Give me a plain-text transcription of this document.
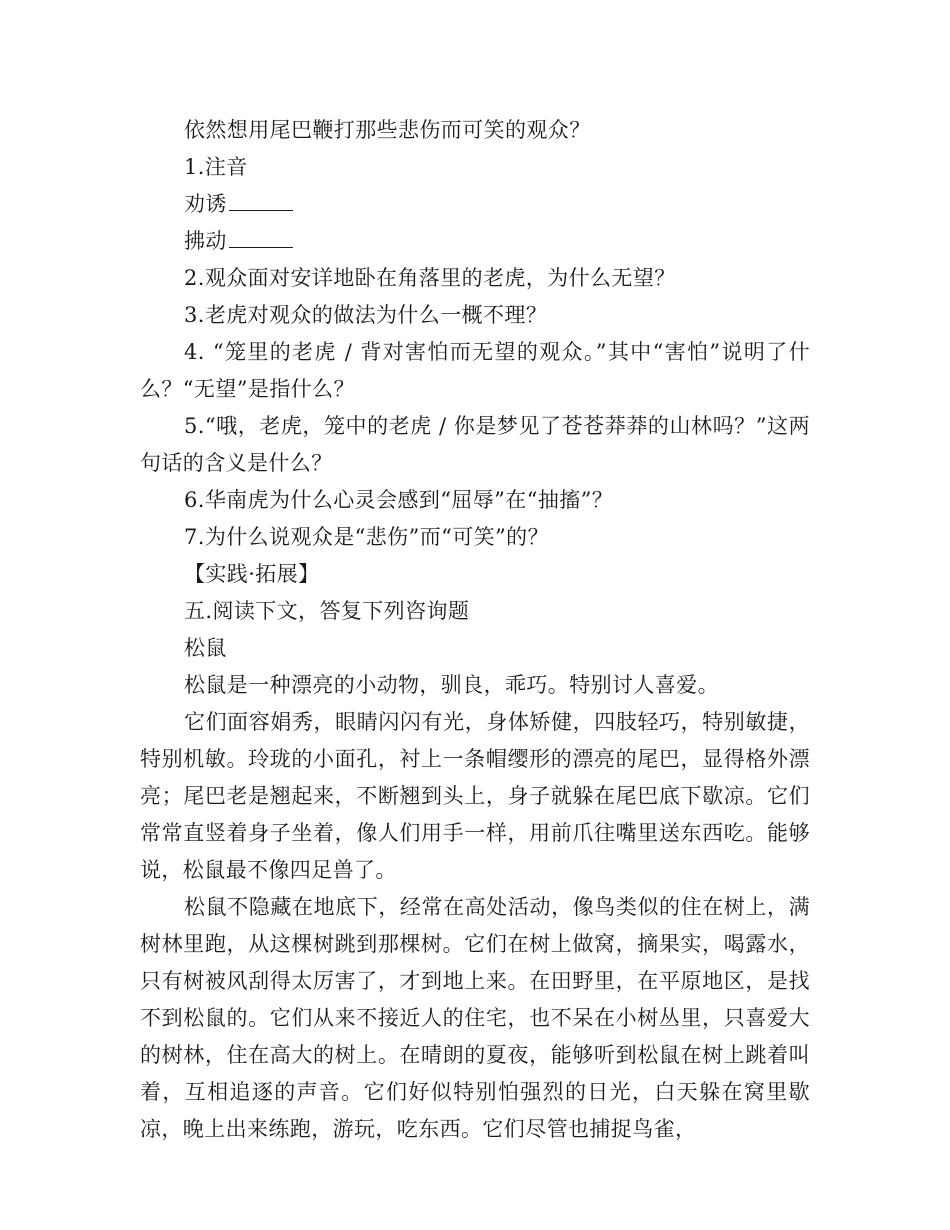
依然想用尾巴鞭打那些悲伤而可笑的观众？
1.注音
劝诱
拂动
2.观众面对安详地卧在角落里的老虎，为什么无望？
3.老虎对观众的做法为什么一概不理？
4. “笼里的老虎 / 背对害怕而无望的观众。”其中“害怕”说明了什么？“无望”是指什么？
5.“哦，老虎，笼中的老虎 / 你是梦见了苍苍莽莽的山林吗？”这两句话的含义是什么？
6.华南虎为什么心灵会感到“屈辱”在“抽搐”？
7.为什么说观众是“悲伤”而“可笑”的？
【实践·拓展】
五.阅读下文，答复下列咨询题
松鼠
松鼠是一种漂亮的小动物，驯良，乖巧。特别讨人喜爱。
它们面容娟秀，眼睛闪闪有光，身体矫健，四肢轻巧，特别敏捷，特别机敏。玲珑的小面孔，衬上一条帽缨形的漂亮的尾巴，显得格外漂亮；尾巴老是翘起来，不断翘到头上，身子就躲在尾巴底下歇凉。它们常常直竖着身子坐着，像人们用手一样，用前爪往嘴里送东西吃。能够说，松鼠最不像四足兽了。
松鼠不隐藏在地底下，经常在高处活动，像鸟类似的住在树上，满树林里跑，从这棵树跳到那棵树。它们在树上做窝，摘果实，喝露水，只有树被风刮得太厉害了，才到地上来。在田野里，在平原地区，是找不到松鼠的。它们从来不接近人的住宅，也不呆在小树丛里，只喜爱大的树林，住在高大的树上。在晴朗的夏夜，能够听到松鼠在树上跳着叫着，互相追逐的声音。它们好似特别怕强烈的日光，白天躲在窝里歇凉，晚上出来练跑，游玩，吃东西。它们尽管也捕捉鸟雀，
